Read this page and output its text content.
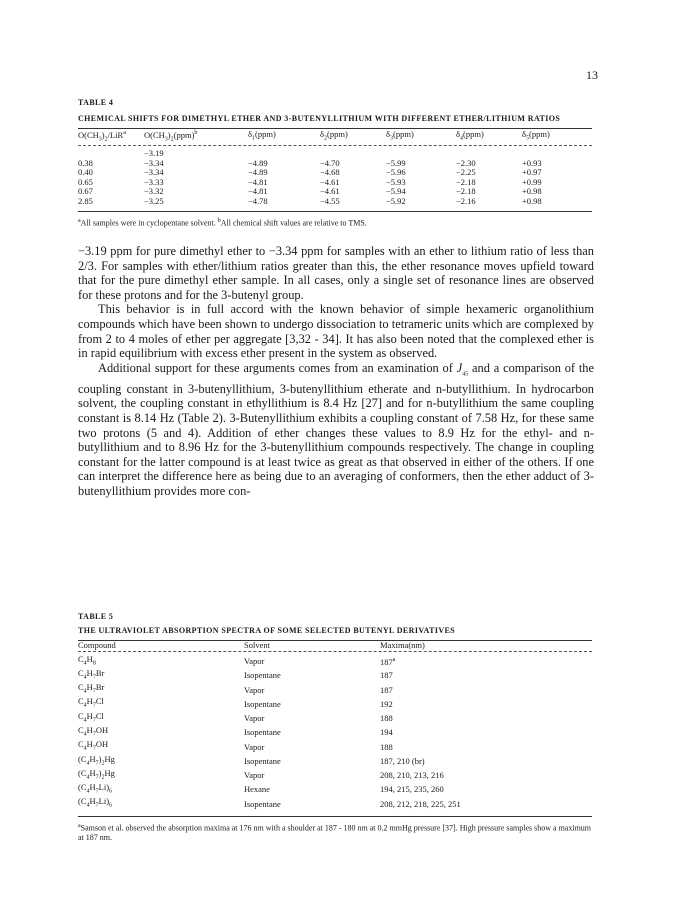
13
TABLE 4
CHEMICAL SHIFTS FOR DIMETHYL ETHER AND 3-BUTENYLLITHIUM WITH DIFFERENT ETHER/LITHIUM RATIOS
$O(CH_3)_2/LiR^a$	$O(CH_3)_2(ppm)^b$	$\delta_1(ppm)$	$\delta_2(ppm)$	$\delta_3(ppm)$	$\delta_4(ppm)$	$\delta_5(ppm)$

	−3.19					
0.38	−3.34	−4.89	−4.70	−5.99	−2.30	+0.93
0.40	−3.34	−4.89	−4.68	−5.96	−2.25	+0.97
0.65	−3.33	−4.81	−4.61	−5.93	−2.18	+0.99
0.67	−3.32	−4.81	−4.61	−5.94	−2.18	+0.98
2.85	−3.25	−4.78	−4.55	−5.92	−2.16	+0.98
$^a$All samples were in cyclopentane solvent. $^b$All chemical shift values are relative to TMS.

−3.19 ppm for pure dimethyl ether to −3.34 ppm for samples with an ether to lithium ratio of less than 2/3. For samples with ether/lithium ratios greater than this, the ether resonance moves upfield toward that for the pure dimethyl ether sample. In all cases, only a single set of resonance lines are observed for these protons and for the 3-butenyl group.

This behavior is in full accord with the known behavior of simple hexameric organolithium compounds which have been shown to undergo dissociation to tetrameric units which are complexed by from 2 to 4 moles of ether per aggregate [3,32 - 34]. It has also been noted that the complexed ether is in rapid equilibrium with excess ether present in the system as observed.

Additional support for these arguments comes from an examination of $J_{45}$ and a comparison of the coupling constant in 3-butenyllithium, 3-butenyllithium etherate and n-butyllithium. In hydrocarbon solvent, the coupling constant in ethyllithium is 8.4 Hz [27] and for n-butyllithium the same coupling constant is 8.14 Hz (Table 2). 3-Butenyllithium exhibits a coupling constant of 7.58 Hz, for these same two protons (5 and 4). Addition of ether changes these values to 8.9 Hz for the ethyl- and n-butyllithium and to 8.96 Hz for the 3-butenyllithium compounds respectively. The change in coupling constant for the latter compound is at least twice as great as that observed in either of the others. If one can interpret the difference here as being due to an averaging of conformers, then the ether adduct of 3-butenyllithium provides more con-

TABLE 5
THE ULTRAVIOLET ABSORPTION SPECTRA OF SOME SELECTED BUTENYL DERIVATIVES
Compound	Solvent	Maxima(nm)

$C_4H_8$	Vapor	187$^a$
$C_4H_7Br$	Isopentane	187
$C_4H_7Br$	Vapor	187
$C_4H_7Cl$	Isopentane	192
$C_4H_7Cl$	Vapor	188
$C_4H_7OH$	Isopentane	194
$C_4H_7OH$	Vapor	188
$(C_4H_7)_2Hg$	Isopentane	187, 210 (br)
$(C_4H_7)_2Hg$	Vapor	208, 210, 213, 216
$(C_4H_7Li)_6$	Hexane	194, 215, 235, 260
$(C_4H_7Li)_6$	Isopentane	208, 212, 218, 225, 251
$^a$Samson et al. observed the absorption maxima at 176 nm with a shoulder at 187 - 180 nm at 0.2 mmHg pressure [37]. High pressure samples show a maximum at 187 nm.
